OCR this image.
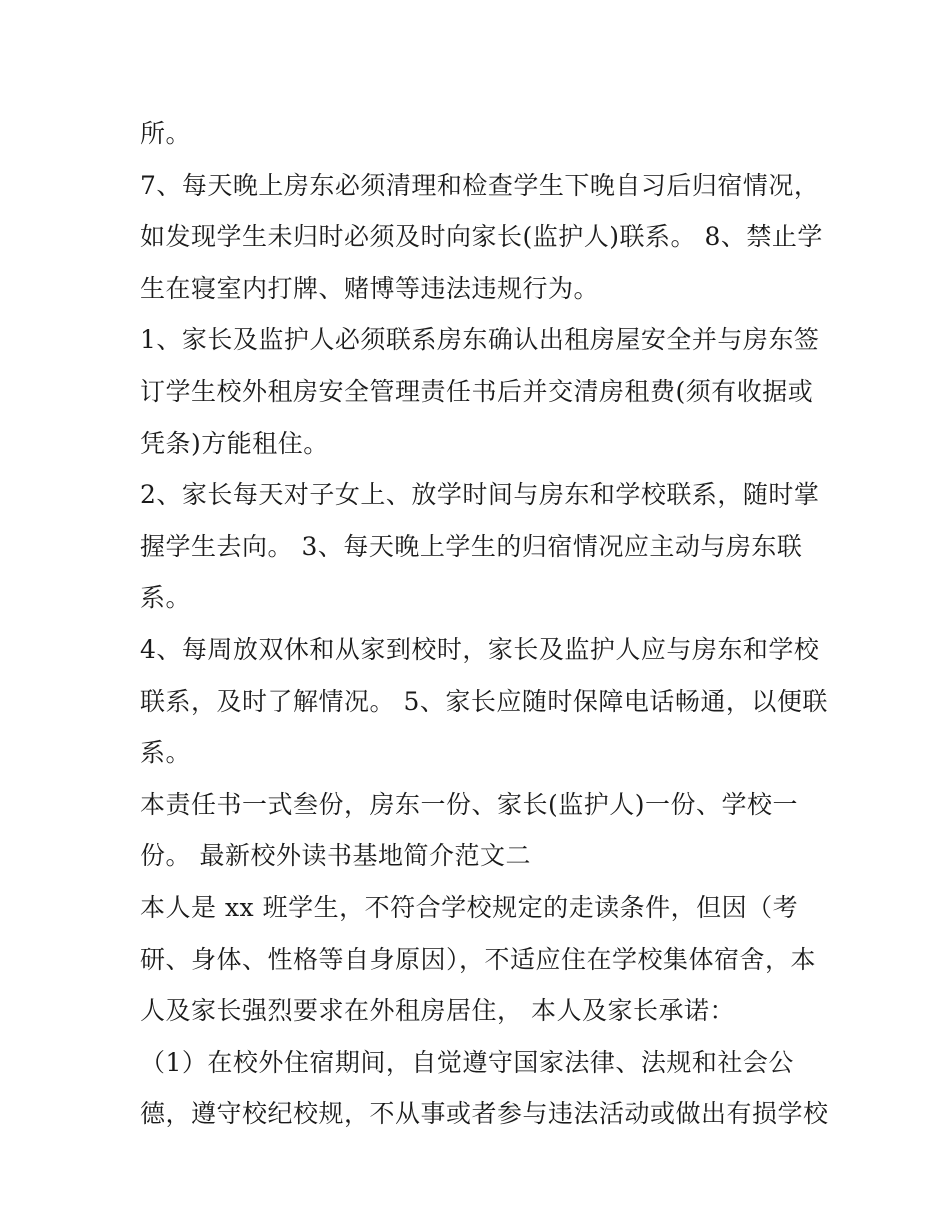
所。
7、每天晚上房东必须清理和检查学生下晚自习后归宿情况，
如发现学生未归时必须及时向家长(监护人)联系。 8、禁止学
生在寝室内打牌、赌博等违法违规行为。
1、家长及监护人必须联系房东确认出租房屋安全并与房东签
订学生校外租房安全管理责任书后并交清房租费(须有收据或
凭条)方能租住。
2、家长每天对子女上、放学时间与房东和学校联系，随时掌
握学生去向。 3、每天晚上学生的归宿情况应主动与房东联
系。
4、每周放双休和从家到校时，家长及监护人应与房东和学校
联系，及时了解情况。 5、家长应随时保障电话畅通，以便联
系。
本责任书一式叁份，房东一份、家长(监护人)一份、学校一
份。 最新校外读书基地简介范文二
本人是 xx 班学生，不符合学校规定的走读条件，但因（考
研、身体、性格等自身原因），不适应住在学校集体宿舍，本
人及家长强烈要求在外租房居住， 本人及家长承诺：
（1）在校外住宿期间，自觉遵守国家法律、法规和社会公
德，遵守校纪校规，不从事或者参与违法活动或做出有损学校
